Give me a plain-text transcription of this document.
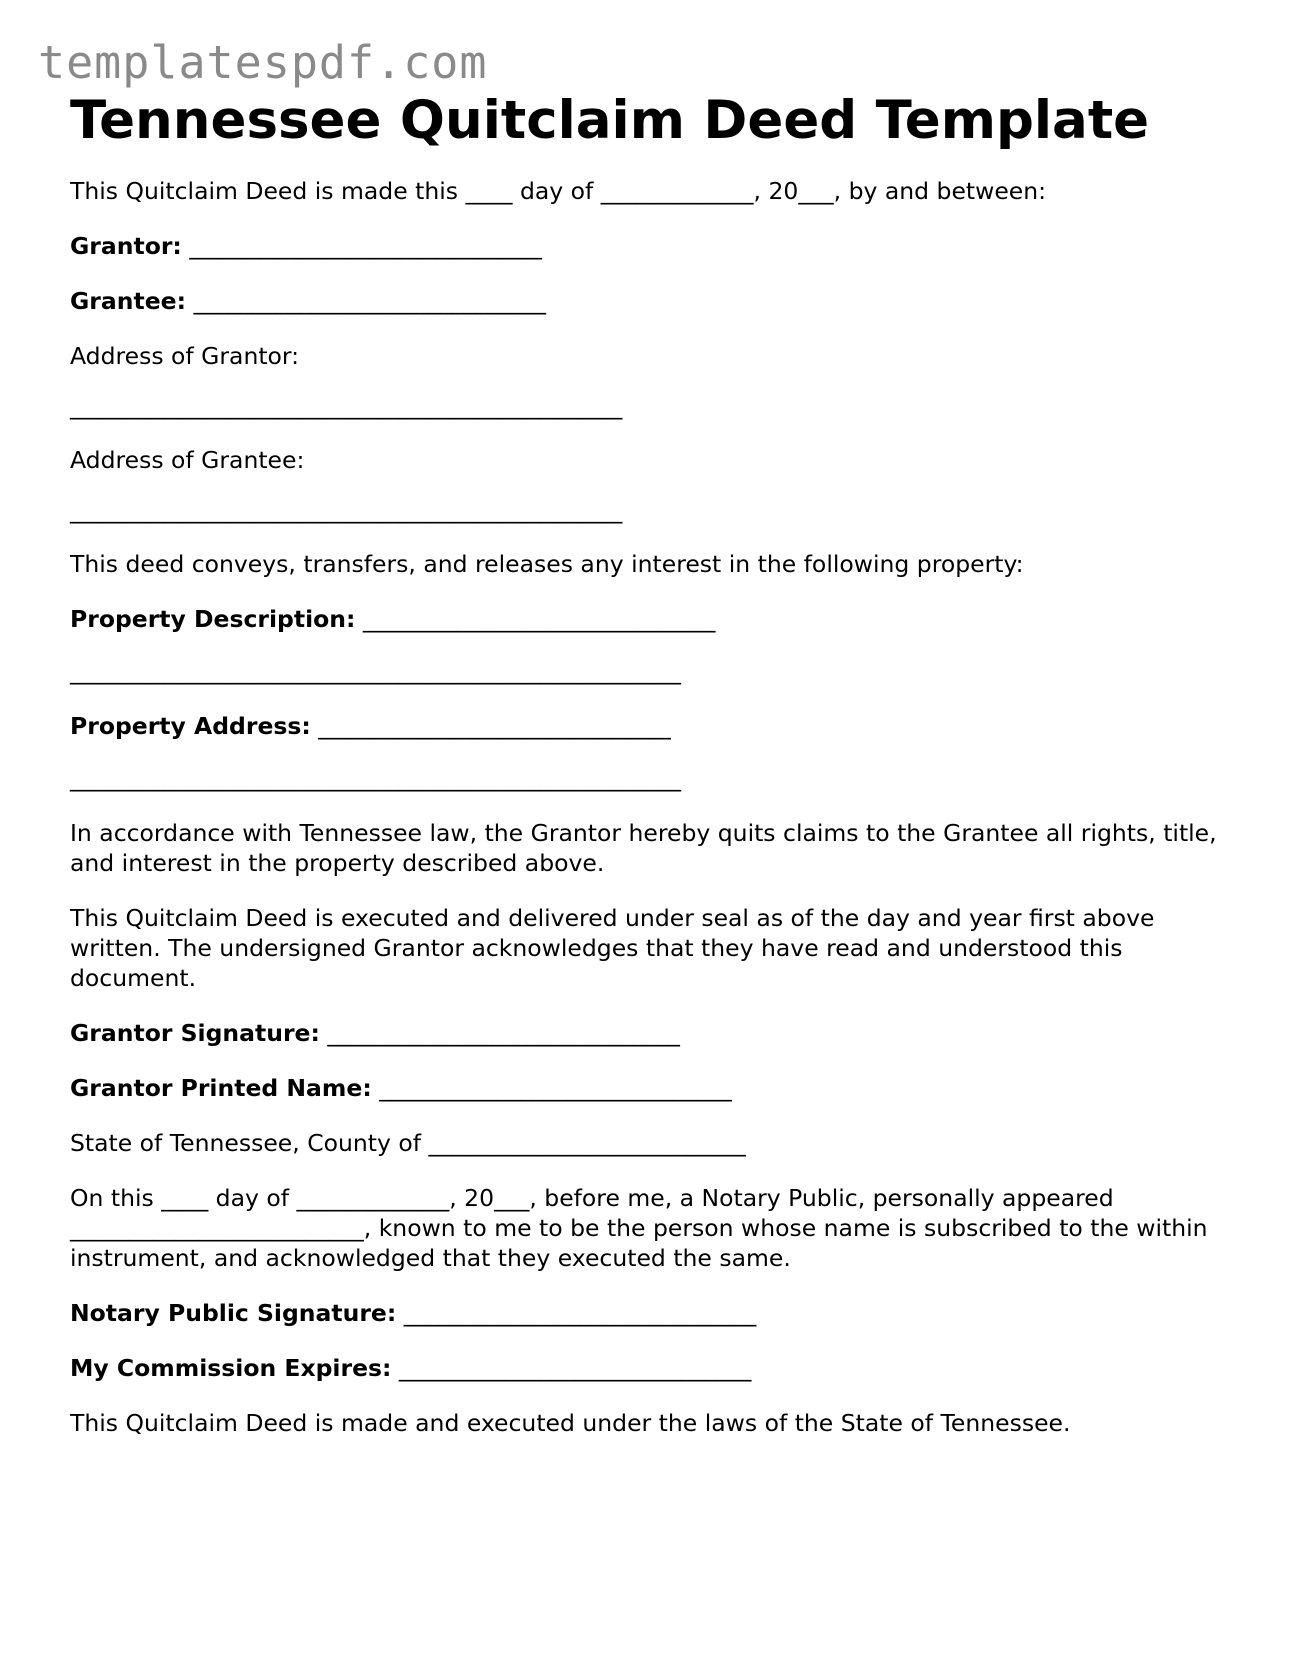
templatespdf.com
Tennessee Quitclaim Deed Template
This Quitclaim Deed is made this ____ day of _____________, 20___, by and between:
Grantor: ______________________________
Grantee: ______________________________
Address of Grantor:
_______________________________________________
Address of Grantee:
_______________________________________________
This deed conveys, transfers, and releases any interest in the following property:
Property Description: ______________________________
____________________________________________________
Property Address: ______________________________
____________________________________________________
In accordance with Tennessee law, the Grantor hereby quits claims to the Grantee all rights, title, and interest in the property described above.
This Quitclaim Deed is executed and delivered under seal as of the day and year first above written. The undersigned Grantor acknowledges that they have read and understood this document.
Grantor Signature: ______________________________
Grantor Printed Name: ______________________________
State of Tennessee, County of ___________________________
On this ____ day of _____________, 20___, before me, a Notary Public, personally appeared _________________________, known to me to be the person whose name is subscribed to the within instrument, and acknowledged that they executed the same.
Notary Public Signature: ______________________________
My Commission Expires: ______________________________
This Quitclaim Deed is made and executed under the laws of the State of Tennessee.
